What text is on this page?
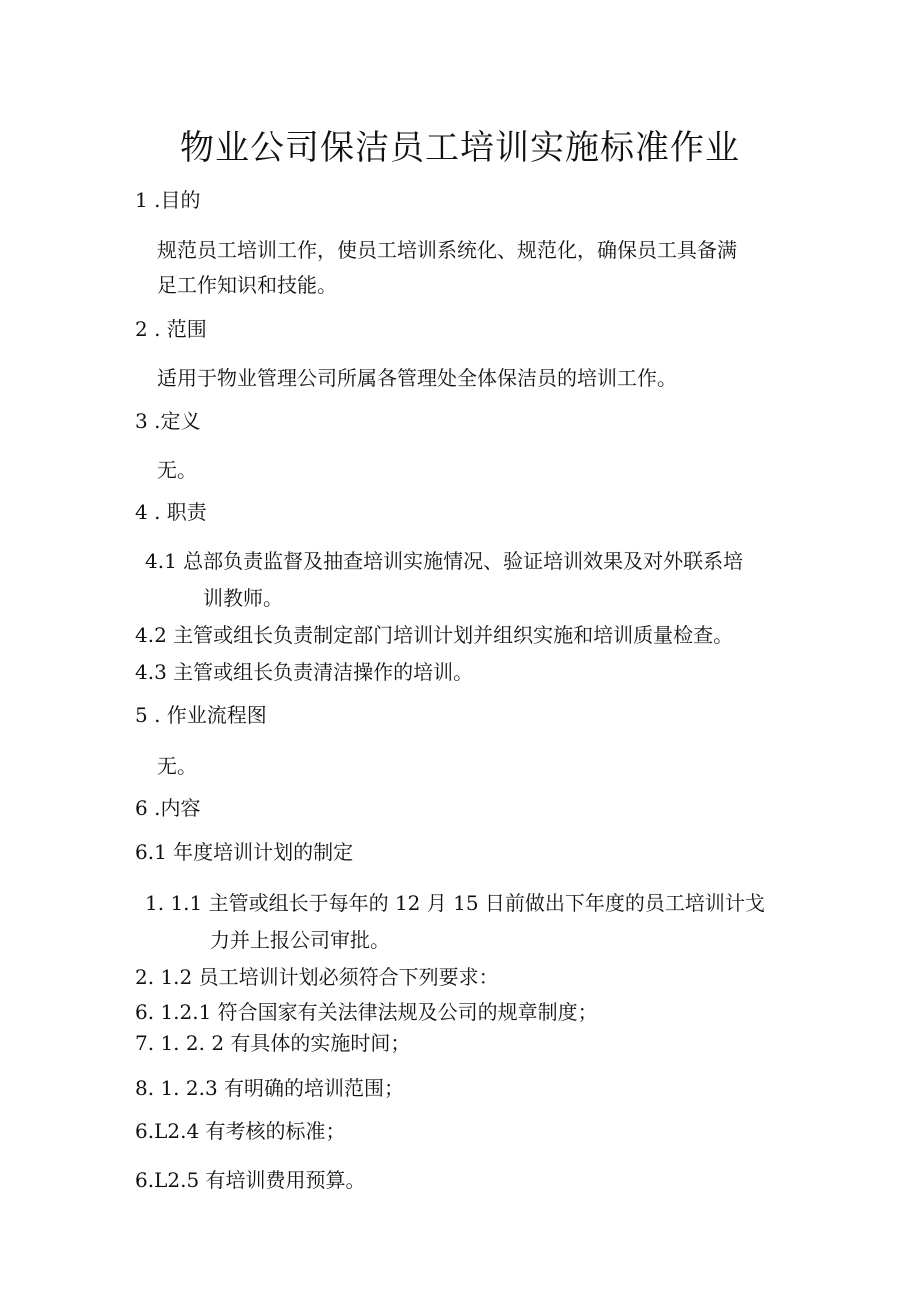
物业公司保洁员工培训实施标准作业
1 .目的
规范员工培训工作，使员工培训系统化、规范化，确保员工具备满
足工作知识和技能。
2 . 范围
适用于物业管理公司所属各管理处全体保洁员的培训工作。
3 .定义
无。
4 . 职责
4.1 总部负责监督及抽查培训实施情况、验证培训效果及对外联系培
训教师。
4.2 主管或组长负责制定部门培训计划并组织实施和培训质量检查。
4.3 主管或组长负责清洁操作的培训。
5 . 作业流程图
无。
6 .内容
6.1 年度培训计划的制定
1. 1.1 主管或组长于每年的 12 月 15 日前做出下年度的员工培训计戈
力并上报公司审批。
2. 1.2 员工培训计划必须符合下列要求：
6. 1.2.1 符合国家有关法律法规及公司的规章制度；
7. 1. 2. 2 有具体的实施时间；
8. 1. 2.3 有明确的培训范围；
6.L2.4 有考核的标准；
6.L2.5 有培训费用预算。
